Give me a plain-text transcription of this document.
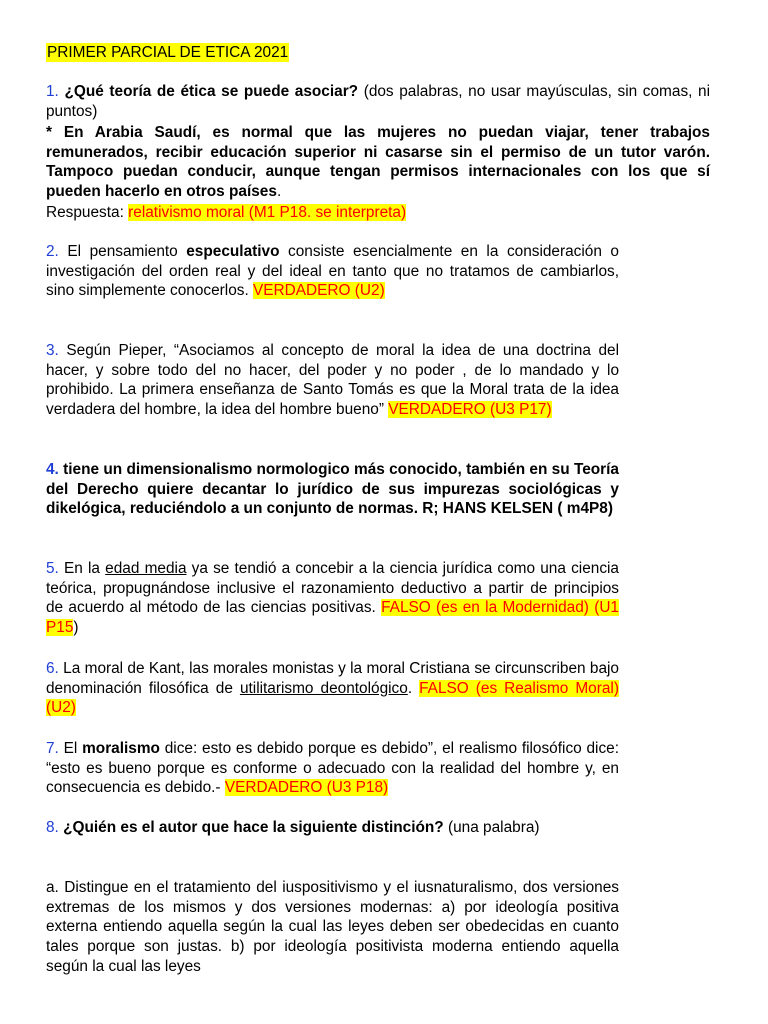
PRIMER PARCIAL DE ETICA 2021
1. ¿Qué teoría de ética se puede asociar? (dos palabras, no usar mayúsculas, sin comas, ni puntos)
* En Arabia Saudí, es normal que las mujeres no puedan viajar, tener trabajos remunerados, recibir educación superior ni casarse sin el permiso de un tutor varón. Tampoco puedan conducir, aunque tengan permisos internacionales con los que sí pueden hacerlo en otros países.
Respuesta: relativismo moral (M1 P18. se interpreta)
2. El pensamiento especulativo consiste esencialmente en la consideración o investigación del orden real y del ideal en tanto que no tratamos de cambiarlos, sino simplemente conocerlos. VERDADERO (U2)
3. Según Pieper, “Asociamos al concepto de moral la idea de una doctrina del hacer, y sobre todo del no hacer, del poder y no poder , de lo mandado y lo prohibido. La primera enseñanza de Santo Tomás es que la Moral trata de la idea verdadera del hombre, la idea del hombre bueno” VERDADERO (U3 P17)
4. tiene un dimensionalismo normologico más conocido, también en su Teoría del Derecho quiere decantar lo jurídico de sus impurezas sociológicas y dikelógica, reduciéndolo a un conjunto de normas. R; HANS KELSEN ( m4P8)
5. En la edad media ya se tendió a concebir a la ciencia jurídica como una ciencia teórica, propugnándose inclusive el razonamiento deductivo a partir de principios de acuerdo al método de las ciencias positivas. FALSO (es en la Modernidad) (U1 P15)
6. La moral de Kant, las morales monistas y la moral Cristiana se circunscriben bajo denominación filosófica de utilitarismo deontológico. FALSO (es Realismo Moral) (U2)
7. El moralismo dice: esto es debido porque es debido”, el realismo filosófico dice: “esto es bueno porque es conforme o adecuado con la realidad del hombre y, en consecuencia es debido.- VERDADERO (U3 P18)
8. ¿Quién es el autor que hace la siguiente distinción? (una palabra)
a. Distingue en el tratamiento del iuspositivismo y el iusnaturalismo, dos versiones extremas de los mismos y dos versiones modernas: a) por ideología positiva externa entiendo aquella según la cual las leyes deben ser obedecidas en cuanto tales porque son justas. b) por ideología positivista moderna entiendo aquella según la cual las leyes
